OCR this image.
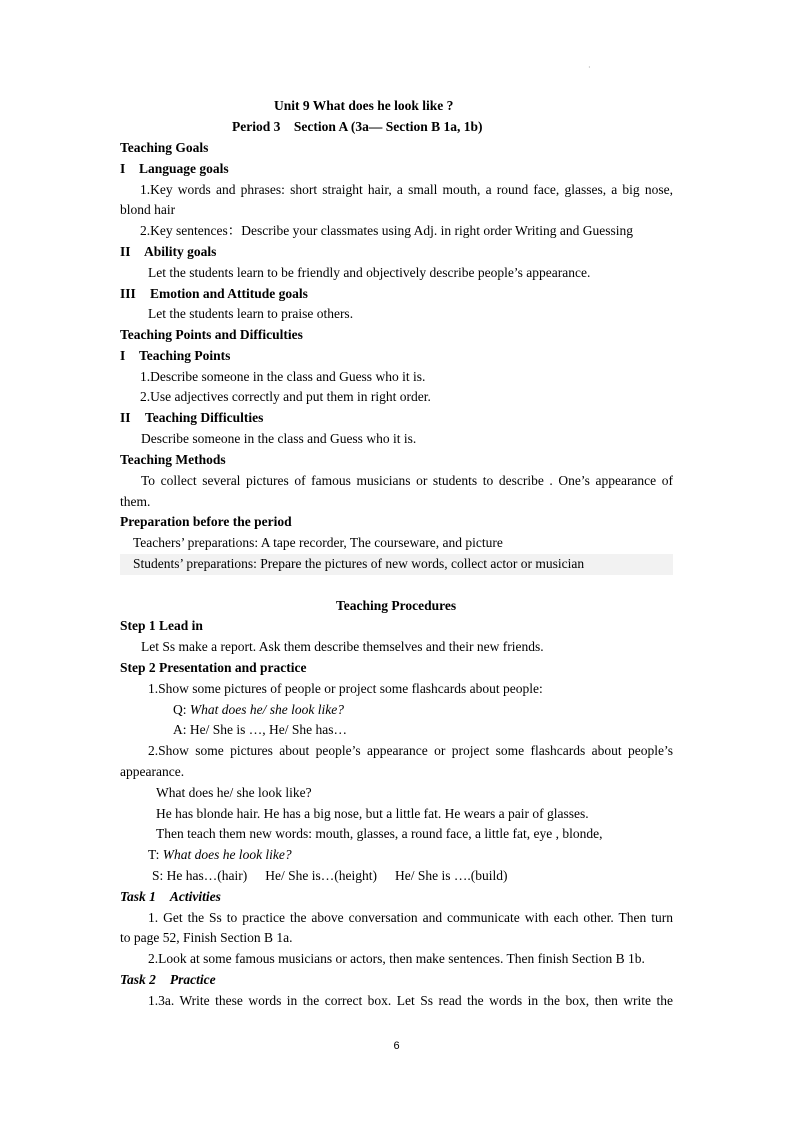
·
Unit 9 What does he look like ?
Period 3    Section A (3a— Section B 1a, 1b)
Teaching Goals
I Language goals
1.Key words and phrases: short straight hair, a small mouth, a round face, glasses, a big nose,
blond hair
2.Key sentences：Describe your classmates using Adj. in right order Writing and Guessing
II Ability goals
Let the students learn to be friendly and objectively describe people’s appearance.
III Emotion and Attitude goals
Let the students learn to praise others.
Teaching Points and Difficulties
I Teaching Points
1.Describe someone in the class and Guess who it is.
2.Use adjectives correctly and put them in right order.
II Teaching Difficulties
Describe someone in the class and Guess who it is.
Teaching Methods
To collect several pictures of famous musicians or students to describe . One’s appearance of
them.
Preparation before the period
Teachers’ preparations: A tape recorder, The courseware, and picture
Students’ preparations: Prepare the pictures of new words, collect actor or musician
Teaching Procedures
Step 1 Lead in
Let Ss make a report. Ask them describe themselves and their new friends.
Step 2 Presentation and practice
1.Show some pictures of people or project some flashcards about people:
Q: What does he/ she look like?
A: He/ She is …, He/ She has…
2.Show some pictures about people’s appearance or project some flashcards about people’s
appearance.
What does he/ she look like?
He has blonde hair. He has a big nose, but a little fat. He wears a pair of glasses.
Then teach them new words: mouth, glasses, a round face, a little fat, eye , blonde,
T: What does he look like?
S: He has…(hair) He/ She is…(height) He/ She is ….(build)
Task 1 Activities
1. Get the Ss to practice the above conversation and communicate with each other. Then turn
to page 52, Finish Section B 1a.
2.Look at some famous musicians or actors, then make sentences. Then finish Section B 1b.
Task 2 Practice
1.3a. Write these words in the correct box. Let Ss read the words in the box, then write the
6
